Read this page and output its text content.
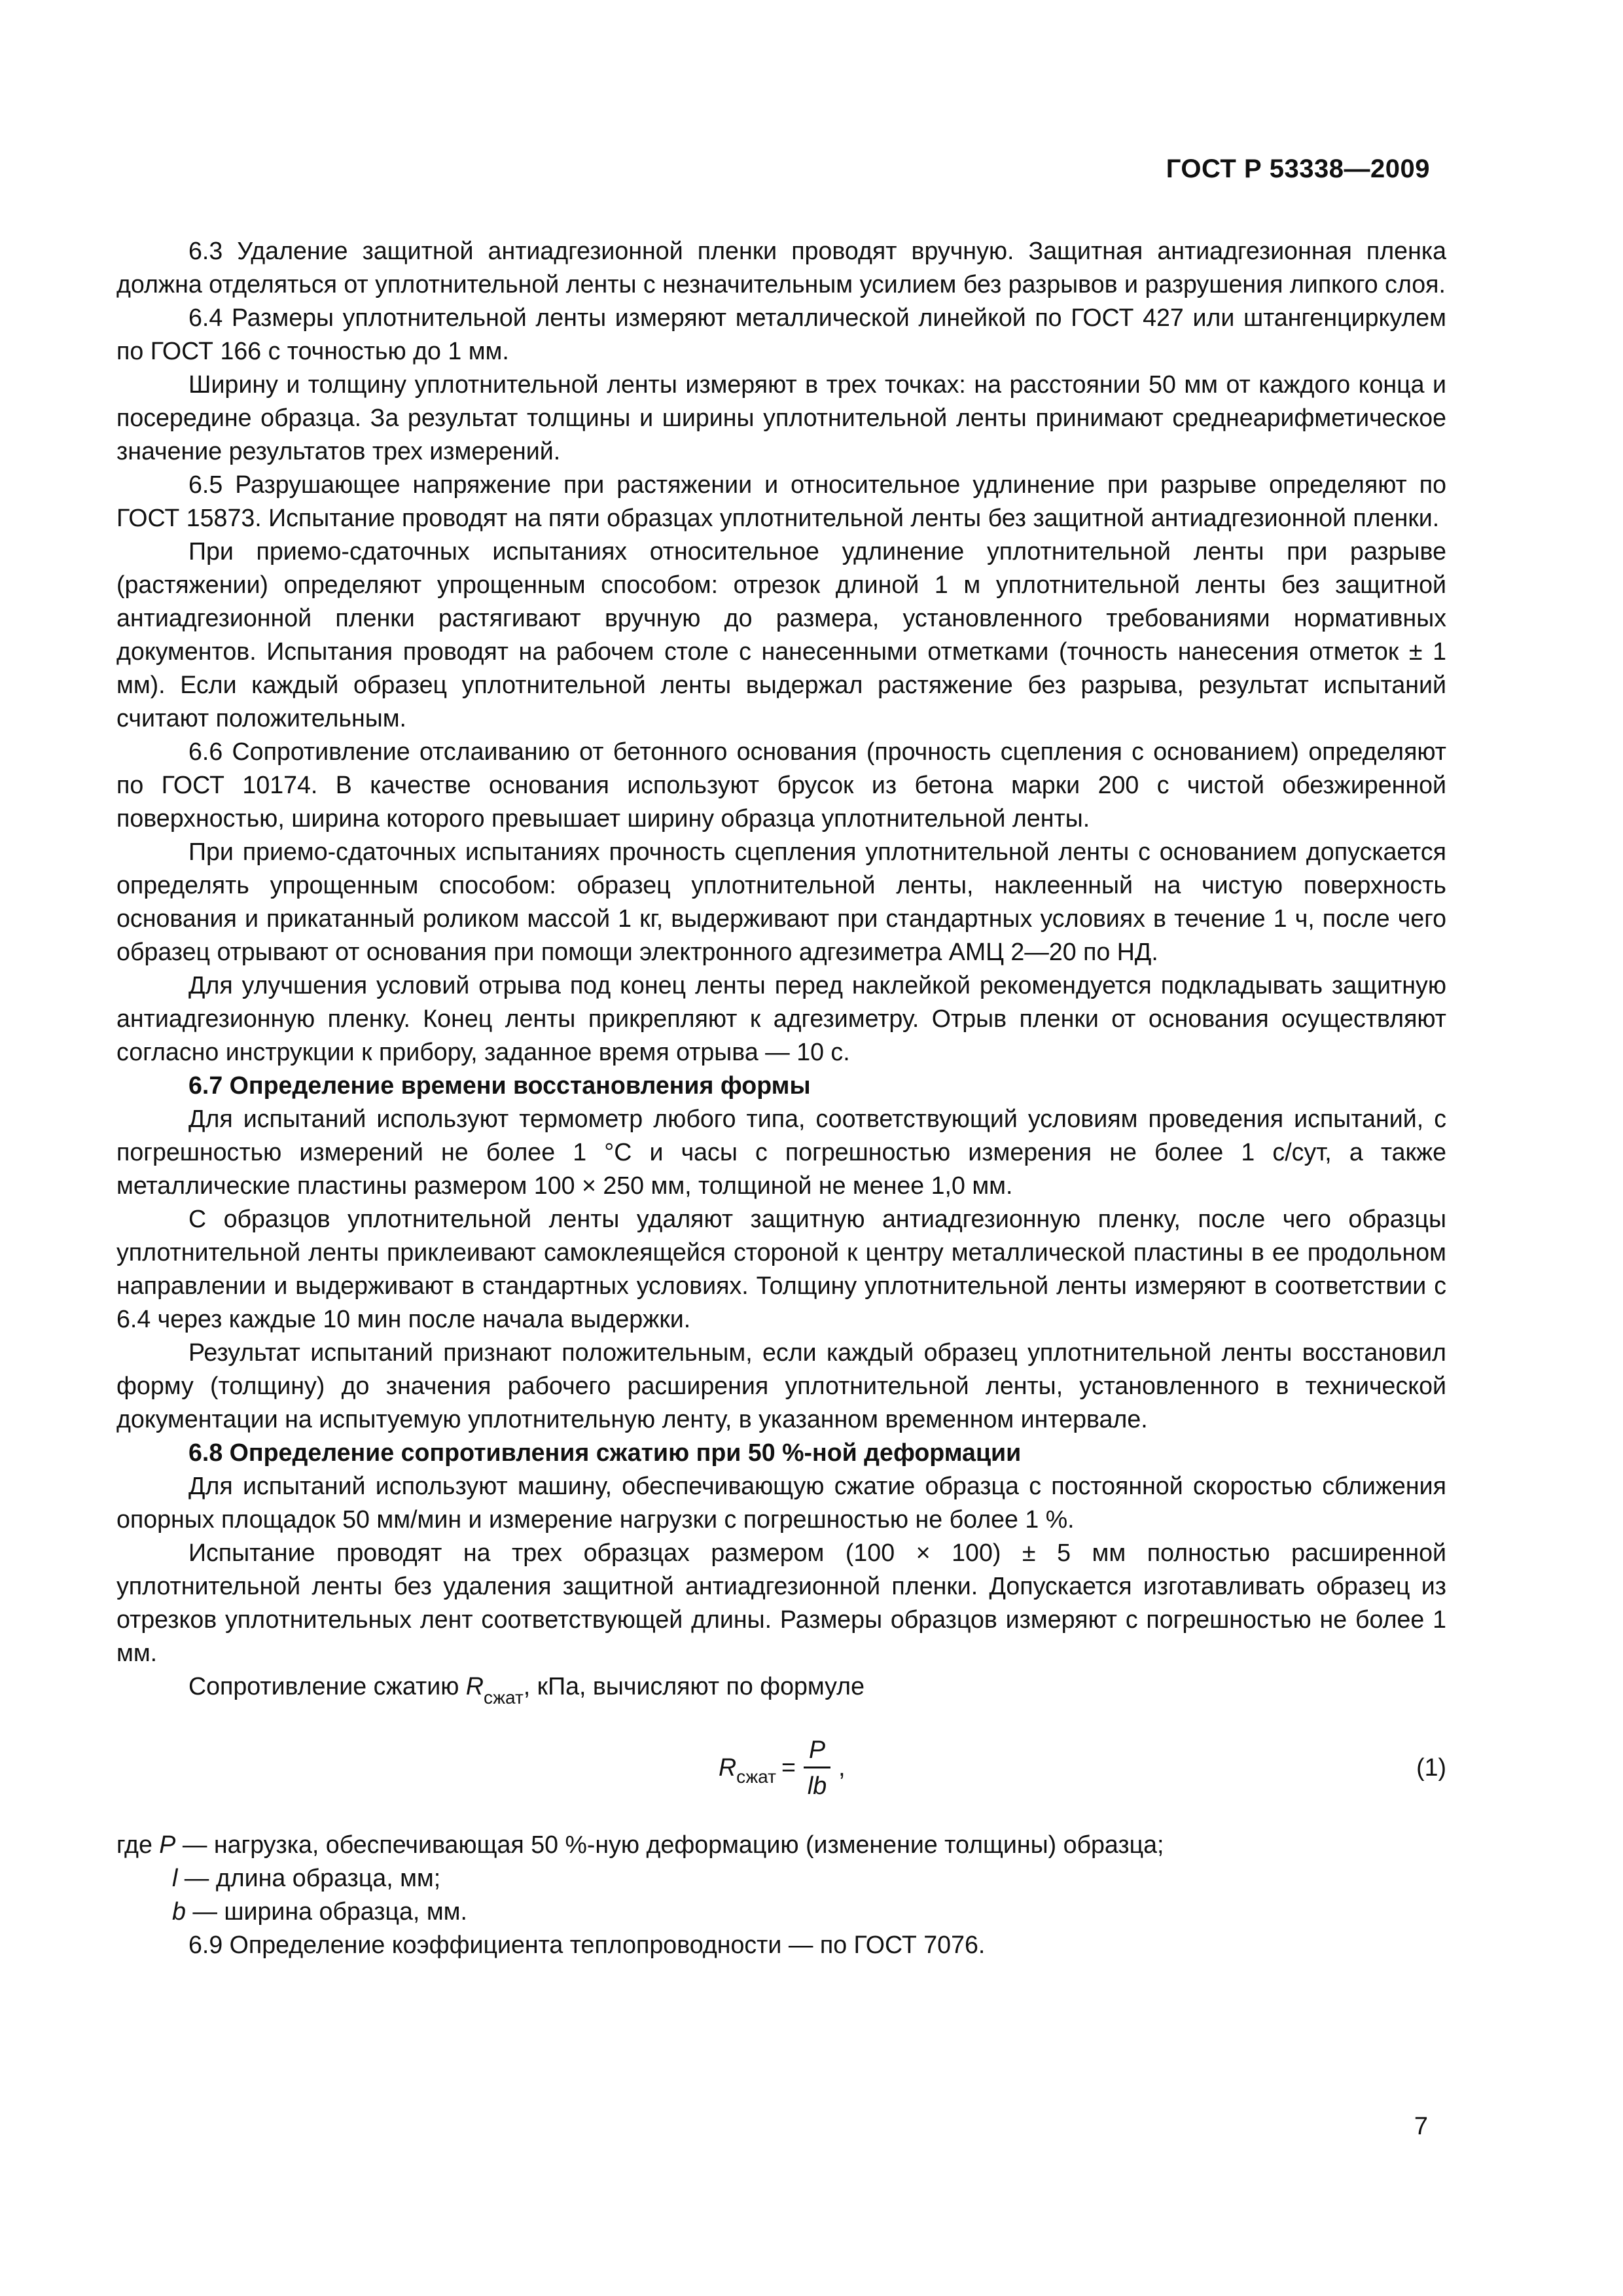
ГОСТ Р 53338—2009

6.3 Удаление защитной антиадгезионной пленки проводят вручную. Защитная антиадгезионная пленка должна отделяться от уплотнительной ленты с незначительным усилием без разрывов и разрушения липкого слоя.

6.4 Размеры уплотнительной ленты измеряют металлической линейкой по ГОСТ 427 или штангенциркулем по ГОСТ 166 с точностью до 1 мм.

Ширину и толщину уплотнительной ленты измеряют в трех точках: на расстоянии 50 мм от каждого конца и посередине образца. За результат толщины и ширины уплотнительной ленты принимают среднеарифметическое значение результатов трех измерений.

6.5 Разрушающее напряжение при растяжении и относительное удлинение при разрыве определяют по ГОСТ 15873. Испытание проводят на пяти образцах уплотнительной ленты без защитной антиадгезионной пленки.

При приемо-сдаточных испытаниях относительное удлинение уплотнительной ленты при разрыве (растяжении) определяют упрощенным способом: отрезок длиной 1 м уплотнительной ленты без защитной антиадгезионной пленки растягивают вручную до размера, установленного требованиями нормативных документов. Испытания проводят на рабочем столе с нанесенными отметками (точность нанесения отметок ± 1 мм). Если каждый образец уплотнительной ленты выдержал растяжение без разрыва, результат испытаний считают положительным.

6.6 Сопротивление отслаиванию от бетонного основания (прочность сцепления с основанием) определяют по ГОСТ 10174. В качестве основания используют брусок из бетона марки 200 с чистой обезжиренной поверхностью, ширина которого превышает ширину образца уплотнительной ленты.

При приемо-сдаточных испытаниях прочность сцепления уплотнительной ленты с основанием допускается определять упрощенным способом: образец уплотнительной ленты, наклеенный на чистую поверхность основания и прикатанный роликом массой 1 кг, выдерживают при стандартных условиях в течение 1 ч, после чего образец отрывают от основания при помощи электронного адгезиметра АМЦ 2—20 по НД.

Для улучшения условий отрыва под конец ленты перед наклейкой рекомендуется подкладывать защитную антиадгезионную пленку. Конец ленты прикрепляют к адгезиметру. Отрыв пленки от основания осуществляют согласно инструкции к прибору, заданное время отрыва — 10 с.

6.7 Определение времени восстановления формы

Для испытаний используют термометр любого типа, соответствующий условиям проведения испытаний, с погрешностью измерений не более 1 °С и часы с погрешностью измерения не более 1 с/сут, а также металлические пластины размером 100 × 250 мм, толщиной не менее 1,0 мм.

С образцов уплотнительной ленты удаляют защитную антиадгезионную пленку, после чего образцы уплотнительной ленты приклеивают самоклеящейся стороной к центру металлической пластины в ее продольном направлении и выдерживают в стандартных условиях. Толщину уплотнительной ленты измеряют в соответствии с 6.4 через каждые 10 мин после начала выдержки.

Результат испытаний признают положительным, если каждый образец уплотнительной ленты восстановил форму (толщину) до значения рабочего расширения уплотнительной ленты, установленного в технической документации на испытуемую уплотнительную ленту, в указанном временном интервале.

6.8 Определение сопротивления сжатию при 50 %-ной деформации

Для испытаний используют машину, обеспечивающую сжатие образца с постоянной скоростью сближения опорных площадок 50 мм/мин и измерение нагрузки с погрешностью не более 1 %.

Испытание проводят на трех образцах размером (100 × 100) ± 5 мм полностью расширенной уплотнительной ленты без удаления защитной антиадгезионной пленки. Допускается изготавливать образец из отрезков уплотнительных лент соответствующей длины. Размеры образцов измеряют с погрешностью не более 1 мм.

Сопротивление сжатию $R_{сжат}$, кПа, вычисляют по формуле

R сжат = $\frac{P}{lb}$ ,	(1)

где P — нагрузка, обеспечивающая 50 %-ную деформацию (изменение толщины) образца;

l — длина образца, мм;

b — ширина образца, мм.

6.9 Определение коэффициента теплопроводности — по ГОСТ 7076.

7
